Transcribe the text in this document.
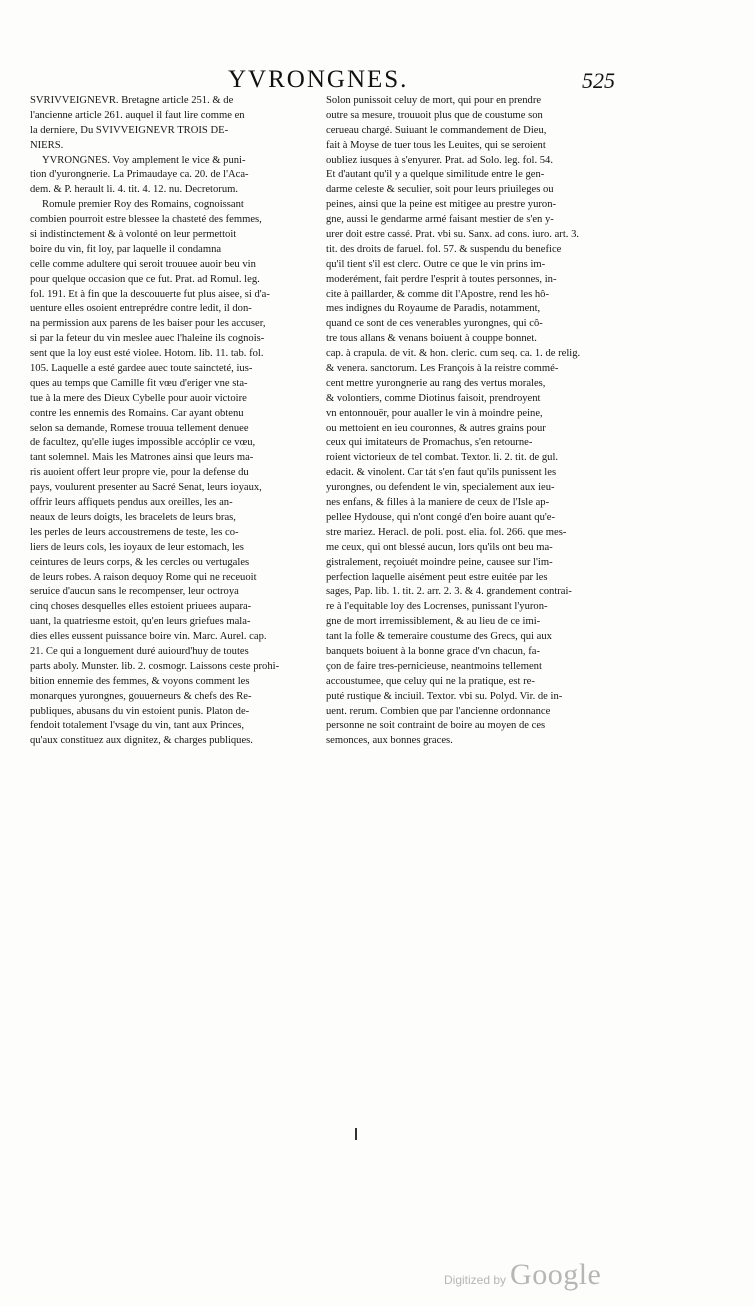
YVRONGNES.	525
SVRIVVEIGNEVR. Bretagne article 251. & de
l'ancienne article 261. auquel il faut lire comme en
la derniere, Du SVIVVEIGNEVR TROIS DE-
NIERS.
YVRONGNES. Voy amplement le vice & puni-
tion d'yurongnerie. La Primaudaye ca. 20. de l'Aca-
dem. & P. herault li. 4. tit. 4. 12. nu. Decretorum.
Romule premier Roy des Romains, cognoissant
combien pourroit estre blessee la chasteté des femmes,
si indistinctement & à volonté on leur permettoit
boire du vin, fit loy, par laquelle il condamna
celle comme adultere qui seroit trouuee auoir beu vin
pour quelque occasion que ce fut. Prat. ad Romul. leg.
fol. 191. Et à fin que la descouuerte fut plus aisee, si d'a-
uenture elles osoient entreprédre contre ledit, il don-
na permission aux parens de les baiser pour les accuser,
si par la feteur du vin meslee auec l'haleine ils cognois-
sent que la loy eust esté violee. Hotom. lib. 11. tab. fol.
105. Laquelle a esté gardee auec toute saincteté, ius-
ques au temps que Camille fit vœu d'eriger vne sta-
tue à la mere des Dieux Cybelle pour auoir victoire
contre les ennemis des Romains. Car ayant obtenu
selon sa demande, Romese trouua tellement denuee
de facultez, qu'elle iuges impossible accóplir ce vœu,
tant solemnel. Mais les Matrones ainsi que leurs ma-
ris auoient offert leur propre vie, pour la defense du
pays, voulurent presenter au Sacré Senat, leurs ioyaux,
offrir leurs affiquets pendus aux oreilles, les an-
neaux de leurs doigts, les bracelets de leurs bras,
les perles de leurs accoustremens de teste, les co-
liers de leurs cols, les ioyaux de leur estomach, les
ceintures de leurs corps, & les cercles ou vertugales
de leurs robes. A raison dequoy Rome qui ne receuoit
seruice d'aucun sans le recompenser, leur octroya
cinq choses desquelles elles estoient priuees aupara-
uant, la quatriesme estoit, qu'en leurs griefues mala-
dies elles eussent puissance boire vin. Marc. Aurel. cap.
21. Ce qui a longuement duré auiourd'huy de toutes
parts aboly. Munster. lib. 2. cosmogr. Laissons ceste prohi-
bition ennemie des femmes, & voyons comment les
monarques yurongnes, gouuerneurs & chefs des Re-
publiques, abusans du vin estoient punis. Platon de-
fendoit totalement l'vsage du vin, tant aux Princes,
qu'aux constituez aux dignitez, & charges publiques.
Solon punissoit celuy de mort, qui pour en prendre
outre sa mesure, trouuoit plus que de coustume son
cerueau chargé. Suiuant le commandement de Dieu,
fait à Moyse de tuer tous les Leuites, qui se seroient
oubliez iusques à s'enyurer. Prat. ad Solo. leg. fol. 54.
Et d'autant qu'il y a quelque similitude entre le gen-
darme celeste & seculier, soit pour leurs priuileges ou
peines, ainsi que la peine est mitigee au prestre yuron-
gne, aussi le gendarme armé faisant mestier de s'en y-
urer doit estre cassé. Prat. vbi su. Sanx. ad cons. iuro. art. 3.
tit. des droits de faruel. fol. 57. & suspendu du benefice
qu'il tient s'il est clerc. Outre ce que le vin prins im-
moderément, fait perdre l'esprit à toutes personnes, in-
cite à paillarder, & comme dit l'Apostre, rend les hô-
mes indignes du Royaume de Paradis, notamment,
quand ce sont de ces venerables yurongnes, qui cô-
tre tous allans & venans boiuent à couppe bonnet.
cap. à crapula. de vit. & hon. cleric. cum seq. ca. 1. de relig.
& venera. sanctorum. Les François à la reistre commé-
cent mettre yurongnerie au rang des vertus morales,
& volontiers, comme Diotinus faisoit, prendroyent
vn entonnouër, pour aualler le vin à moindre peine,
ou mettoient en ieu couronnes, & autres grains pour
ceux qui imitateurs de Promachus, s'en retourne-
roient victorieux de tel combat. Textor. li. 2. tit. de gul.
edacit. & vinolent. Car tát s'en faut qu'ils punissent les
yurongnes, ou defendent le vin, specialement aux ieu-
nes enfans, & filles à la maniere de ceux de l'Isle ap-
pellee Hydouse, qui n'ont congé d'en boire auant qu'e-
stre mariez. Heracl. de poli. post. elia. fol. 266. que mes-
me ceux, qui ont blessé aucun, lors qu'ils ont beu ma-
gistralement, reçoiuét moindre peine, causee sur l'im-
perfection laquelle aisément peut estre euitée par les
sages, Pap. lib. 1. tit. 2. arr. 2. 3. & 4. grandement contrai-
re à l'equitable loy des Locrenses, punissant l'yuron-
gne de mort irremissiblement, & au lieu de ce imi-
tant la folle & temeraire coustume des Grecs, qui aux
banquets boiuent à la bonne grace d'vn chacun, fa-
çon de faire tres-pernicieuse, neantmoins tellement
accoustumee, que celuy qui ne la pratique, est re-
puté rustique & inciuil. Textor. vbi su. Polyd. Vir. de in-
uent. rerum. Combien que par l'ancienne ordonnance
personne ne soit contraint de boire au moyen de ces
semonces, aux bonnes graces.
Digitized by Google
